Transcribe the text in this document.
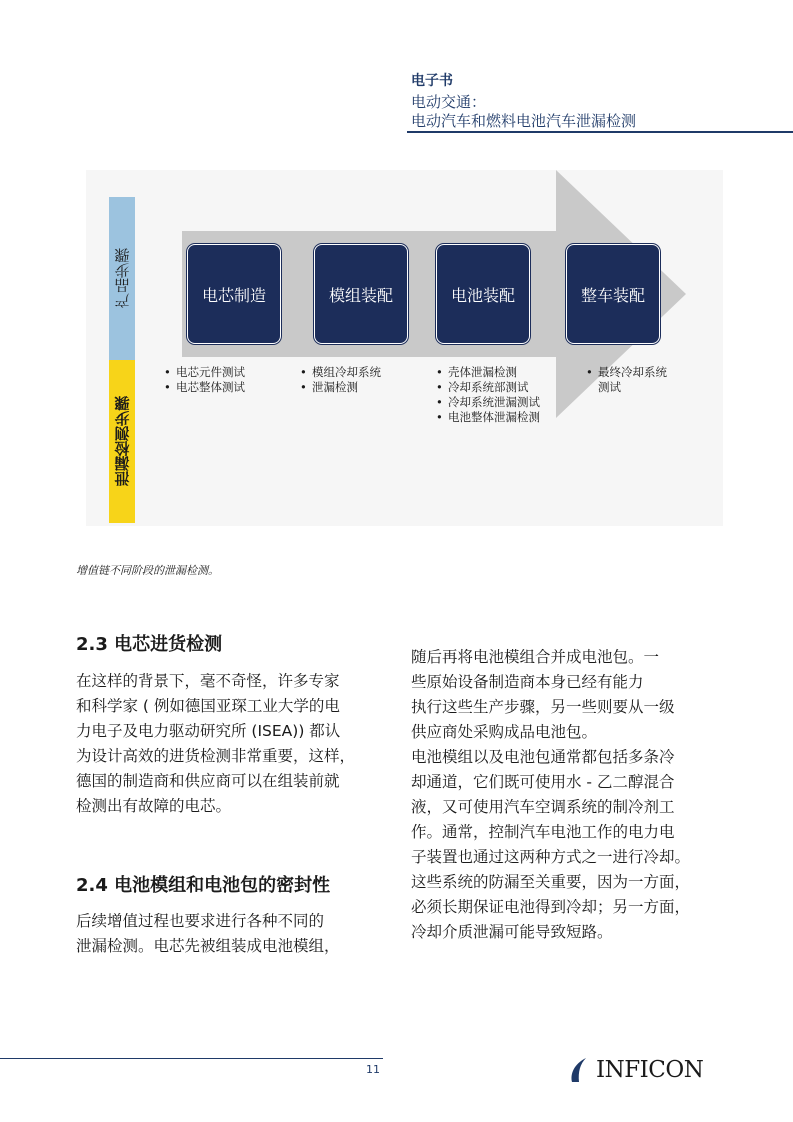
电子书
电动交通：
电动汽车和燃料电池汽车泄漏检测
产品步骤
泄漏检测步骤
电芯制造	模组装配	电池装配	整车装配
• 电芯元件测试
• 电芯整体测试
• 模组冷却系统
• 泄漏检测
• 壳体泄漏检测
• 冷却系统部测试
• 冷却系统泄漏测试
• 电池整体泄漏检测
• 最终冷却系统
测试
增值链不同阶段的泄漏检测。
2.3 电芯进货检测

在这样的背景下，毫不奇怪，许多专家

和科学家 ( 例如德国亚琛工业大学的电

力电子及电力驱动研究所 (ISEA)) 都认

为设计高效的进货检测非常重要，这样，

德国的制造商和供应商可以在组装前就

检测出有故障的电芯。

2.4 电池模组和电池包的密封性

后续增值过程也要求进行各种不同的

泄漏检测。电芯先被组装成电池模组，

随后再将电池模组合并成电池包。一

些原始设备制造商本身已经有能力

执行这些生产步骤，另一些则要从一级

供应商处采购成品电池包。

电池模组以及电池包通常都包括多条冷

却通道，它们既可使用水 - 乙二醇混合

液，又可使用汽车空调系统的制冷剂工

作。通常，控制汽车电池工作的电力电

子装置也通过这两种方式之一进行冷却。

这些系统的防漏至关重要，因为一方面，

必须长期保证电池得到冷却；另一方面，

冷却介质泄漏可能导致短路。

11	INFICON
